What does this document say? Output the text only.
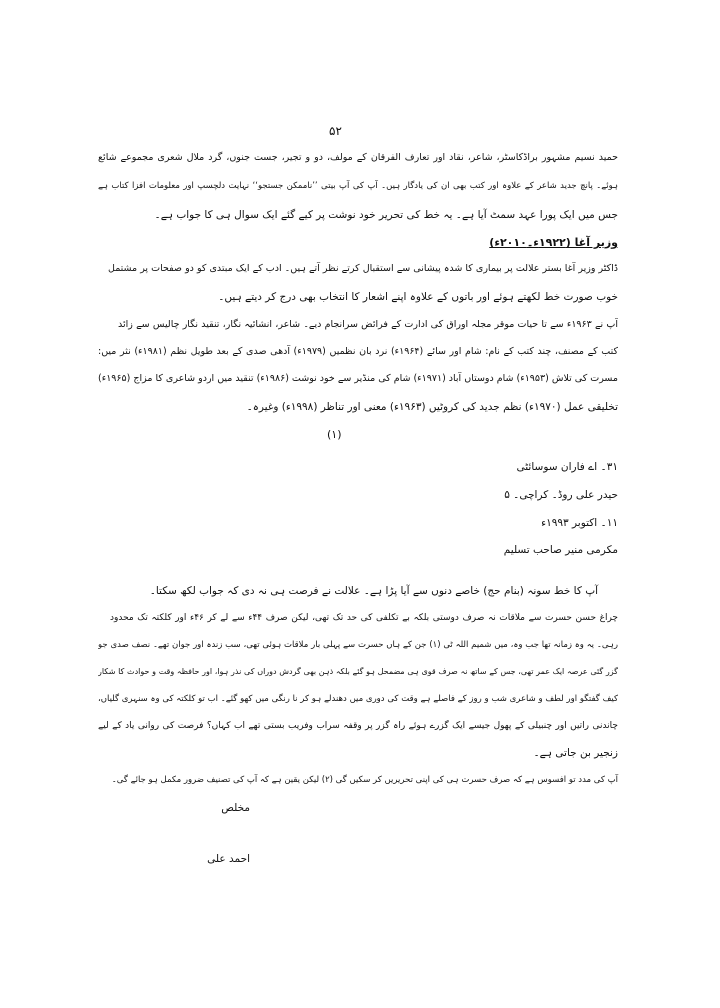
۵۲
حمید نسیم مشہور براڈکاسٹر، شاعر، نقاد اور تعارف الفرقان کے مولف، دو و تجیر، جست جنوں، گرد ملال شعری مجموعے شائع
ہوئے۔ پانچ جدید شاعر کے علاوہ اور کتب بھی ان کی یادگار ہیں۔ آپ کی آپ بیتی ’’ناممکن جستجو‘‘ نہایت دلچسپ اور معلومات افزا کتاب ہے
جس میں ایک پورا عہد سمٹ آیا ہے۔ یہ خط کی تحریر خود نوشت پر کیے گئے ایک سوال ہی کا جواب ہے۔
وزیر آغا (۱۹۲۲ء۔۲۰۱۰ء)
ڈاکٹر وزیر آغا بستر علالت پر بیماری کا شدہ پیشانی سے استقبال کرتے نظر آتے ہیں۔ ادب کے ایک مبتدی کو دو صفحات پر مشتمل
خوب صورت خط لکھتے ہوئے اور باتوں کے علاوہ اپنے اشعار کا انتخاب بھی درج کر دیتے ہیں۔
آپ نے ۱۹۶۳ء سے تا حیات موقر مجلہ اوراق کی ادارت کے فرائض سرانجام دیے۔ شاعر، انشائیہ نگار، تنقید نگار چالیس سے زائد
کتب کے مصنف، چند کتب کے نام: شام اور سائے (۱۹۶۴ء) نرد بان نظمیں (۱۹۷۹ء) آدھی صدی کے بعد طویل نظم (۱۹۸۱ء) نثر میں:
مسرت کی تلاش (۱۹۵۳ء) شام دوستاں آباد (۱۹۷۱ء) شام کی منڈیر سے خود نوشت (۱۹۸۶ء) تنقید میں اردو شاعری کا مزاج (۱۹۶۵ء)
تخلیقی عمل (۱۹۷۰ء) نظم جدید کی کروٹیں (۱۹۶۳ء) معنی اور تناظر (۱۹۹۸ء) وغیرہ۔
(۱)
۳۱۔ اے فاران سوسائٹی
حیدر علی روڈ۔ کراچی۔ ۵
۱۱۔ اکتوبر ۱۹۹۳ء
مکرمی منیر صاحب تسلیم
آپ کا خط سونہ (بنام حج) خاصے دنوں سے آیا پڑا ہے۔ علالت نے فرصت ہی نہ دی کہ جواب لکھ سکتا۔
چراغ حسن حسرت سے ملاقات نہ صرف دوستی بلکہ بے تکلفی کی حد تک تھی، لیکن صرف ۴۴ء سے لے کر ۴۶ء اور کلکتہ تک محدود
رہی۔ یہ وہ زمانہ تھا جب وہ، میں شمیم اللہ ٹی (۱) جن کے ہاں حسرت سے پہلی بار ملاقات ہوئی تھی، سب زندہ اور جوان تھے۔ نصف صدی جو
گزر گئی عرصہ ایک عمر تھی، جس کے ساتھ نہ صرف قوی ہی مضمحل ہو گئے بلکہ ذہن بھی گردش دوراں کی نذر ہوا، اور حافظہ وقت و حوادث کا شکار
کیف گفتگو اور لطف و شاعری شب و روز کے فاصلے ہے وقت کی دوری میں دھندلے ہو کر نا رنگی میں کھو گئے۔ اب تو کلکتہ کی وہ سنہری گلیاں،
چاندنی راتیں اور چنبیلی کے پھول جیسے ایک گزرے ہوئے راہ گزر پر وقفہ سراب وفریب بستی تھے اب کہاں؟ فرصت کی روانی یاد کے لیے
زنجیر بن جاتی ہے۔
آپ کی مدد تو افسوس ہے کہ صرف حسرت ہی کی اپنی تحریریں کر سکیں گی (۲) لیکن یقین ہے کہ آپ کی تصنیف ضرور مکمل ہو جائے گی۔
مخلص
احمد علی
